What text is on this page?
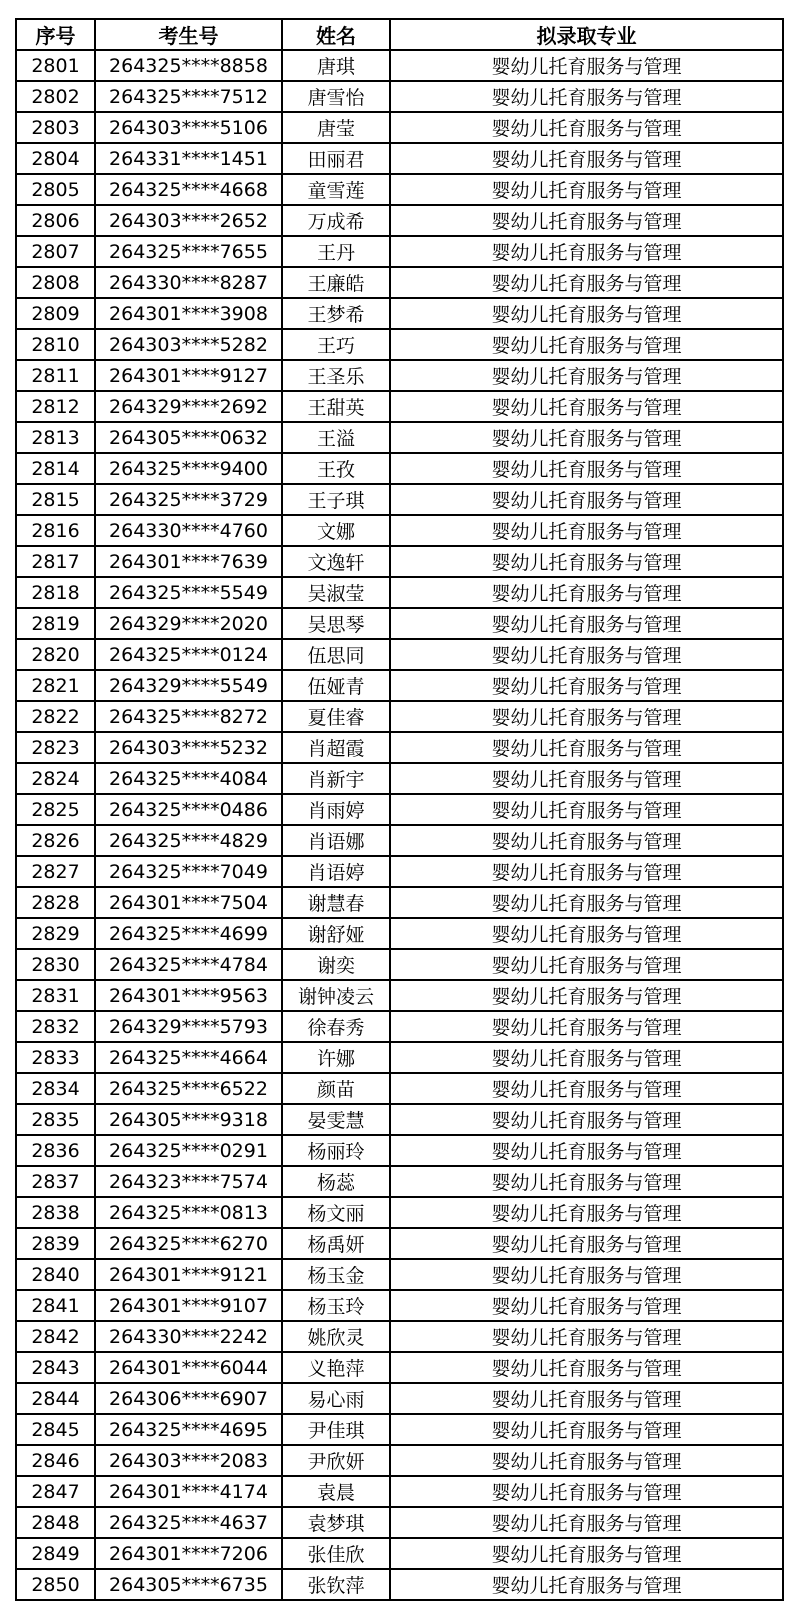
序号	考生号	姓名	拟录取专业
2801	264325****8858	唐琪	婴幼儿托育服务与管理
2802	264325****7512	唐雪怡	婴幼儿托育服务与管理
2803	264303****5106	唐莹	婴幼儿托育服务与管理
2804	264331****1451	田丽君	婴幼儿托育服务与管理
2805	264325****4668	童雪莲	婴幼儿托育服务与管理
2806	264303****2652	万成希	婴幼儿托育服务与管理
2807	264325****7655	王丹	婴幼儿托育服务与管理
2808	264330****8287	王廉皓	婴幼儿托育服务与管理
2809	264301****3908	王梦希	婴幼儿托育服务与管理
2810	264303****5282	王巧	婴幼儿托育服务与管理
2811	264301****9127	王圣乐	婴幼儿托育服务与管理
2812	264329****2692	王甜英	婴幼儿托育服务与管理
2813	264305****0632	王溢	婴幼儿托育服务与管理
2814	264325****9400	王孜	婴幼儿托育服务与管理
2815	264325****3729	王子琪	婴幼儿托育服务与管理
2816	264330****4760	文娜	婴幼儿托育服务与管理
2817	264301****7639	文逸轩	婴幼儿托育服务与管理
2818	264325****5549	吴淑莹	婴幼儿托育服务与管理
2819	264329****2020	吴思琴	婴幼儿托育服务与管理
2820	264325****0124	伍思同	婴幼儿托育服务与管理
2821	264329****5549	伍娅青	婴幼儿托育服务与管理
2822	264325****8272	夏佳睿	婴幼儿托育服务与管理
2823	264303****5232	肖超霞	婴幼儿托育服务与管理
2824	264325****4084	肖新宇	婴幼儿托育服务与管理
2825	264325****0486	肖雨婷	婴幼儿托育服务与管理
2826	264325****4829	肖语娜	婴幼儿托育服务与管理
2827	264325****7049	肖语婷	婴幼儿托育服务与管理
2828	264301****7504	谢慧春	婴幼儿托育服务与管理
2829	264325****4699	谢舒娅	婴幼儿托育服务与管理
2830	264325****4784	谢奕	婴幼儿托育服务与管理
2831	264301****9563	谢钟凌云	婴幼儿托育服务与管理
2832	264329****5793	徐春秀	婴幼儿托育服务与管理
2833	264325****4664	许娜	婴幼儿托育服务与管理
2834	264325****6522	颜苗	婴幼儿托育服务与管理
2835	264305****9318	晏雯慧	婴幼儿托育服务与管理
2836	264325****0291	杨丽玲	婴幼儿托育服务与管理
2837	264323****7574	杨蕊	婴幼儿托育服务与管理
2838	264325****0813	杨文丽	婴幼儿托育服务与管理
2839	264325****6270	杨禹妍	婴幼儿托育服务与管理
2840	264301****9121	杨玉金	婴幼儿托育服务与管理
2841	264301****9107	杨玉玲	婴幼儿托育服务与管理
2842	264330****2242	姚欣灵	婴幼儿托育服务与管理
2843	264301****6044	义艳萍	婴幼儿托育服务与管理
2844	264306****6907	易心雨	婴幼儿托育服务与管理
2845	264325****4695	尹佳琪	婴幼儿托育服务与管理
2846	264303****2083	尹欣妍	婴幼儿托育服务与管理
2847	264301****4174	袁晨	婴幼儿托育服务与管理
2848	264325****4637	袁梦琪	婴幼儿托育服务与管理
2849	264301****7206	张佳欣	婴幼儿托育服务与管理
2850	264305****6735	张钦萍	婴幼儿托育服务与管理
